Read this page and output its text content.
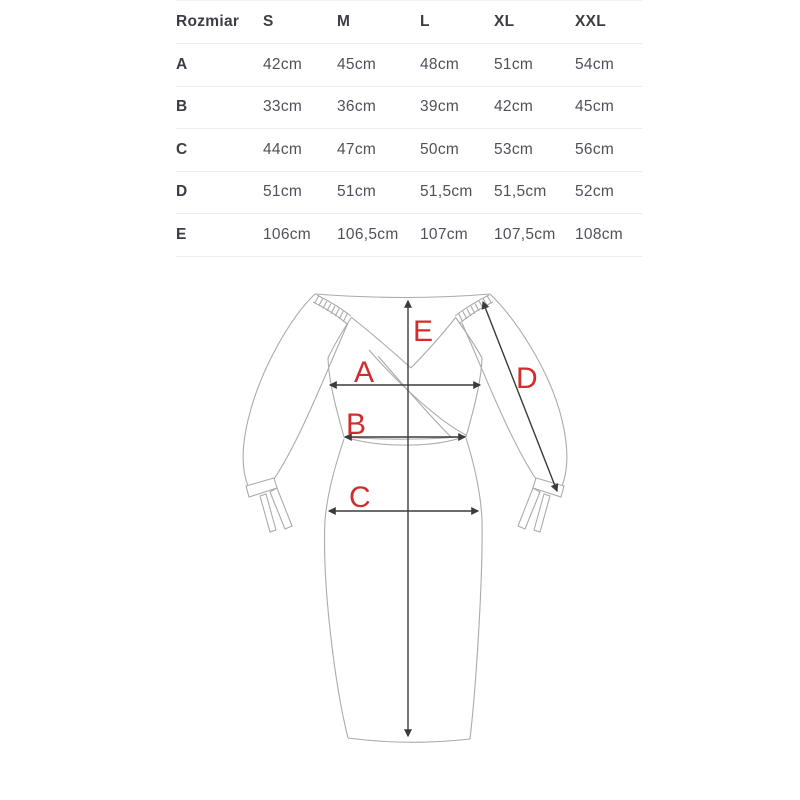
Rozmiar	S	M	L	XL	XXL
A	42cm	45cm	48cm	51cm	54cm
B	33cm	36cm	39cm	42cm	45cm
C	44cm	47cm	50cm	53cm	56cm
D	51cm	51cm	51,5cm	51,5cm	52cm
E	106cm	106,5cm	107cm	107,5cm	108cm
A
B
C
D
E
